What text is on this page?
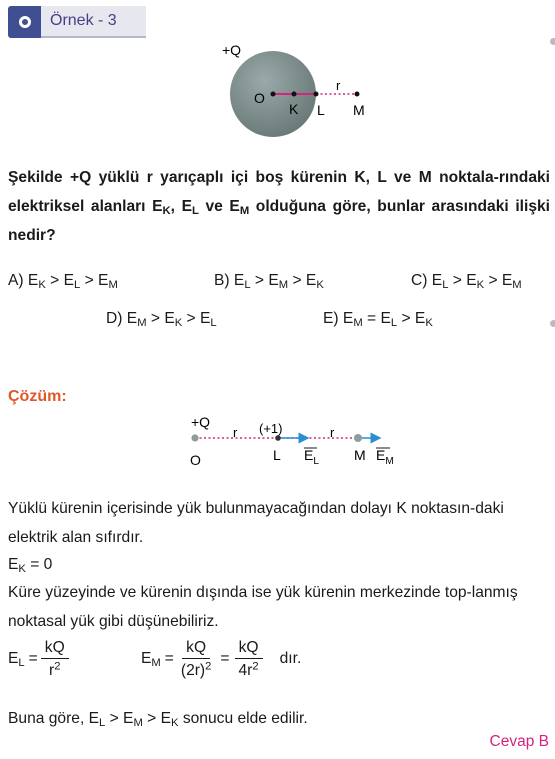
Örnek - 3
+Q
O
K L M
r
Şekilde +Q yüklü r yarıçaplı içi boş kürenin K, L ve M noktala-rındaki elektriksel alanları $E_K$, $E_L$ ve $E_M$ olduğuna göre, bunlar arasındaki ilişki nedir?
A) $E_K > E_L > E_M$	B) $E_L > E_M > E_K$	C) $E_L > E_K > E_M$
D) $E_M > E_K > E_L$	E) $E_M = E_L > E_K$
Çözüm:
+Q	(+1)
r	r
O	L $E_L$	M $E_M$
Yüklü kürenin içerisinde yük bulunmayacağından dolayı K noktasın-daki elektrik alan sıfırdır.
$E_K = 0$
Küre yüzeyinde ve kürenin dışında ise yük kürenin merkezinde top-lanmış noktasal yük gibi düşünebiliriz.
$E_L = \frac{kQ}{r^2}$	$E_M = \frac{kQ}{(2r)^2} = \frac{kQ}{4r^2}$ dır.
Buna göre, $E_L > E_M > E_K$ sonucu elde edilir.
Cevap B
